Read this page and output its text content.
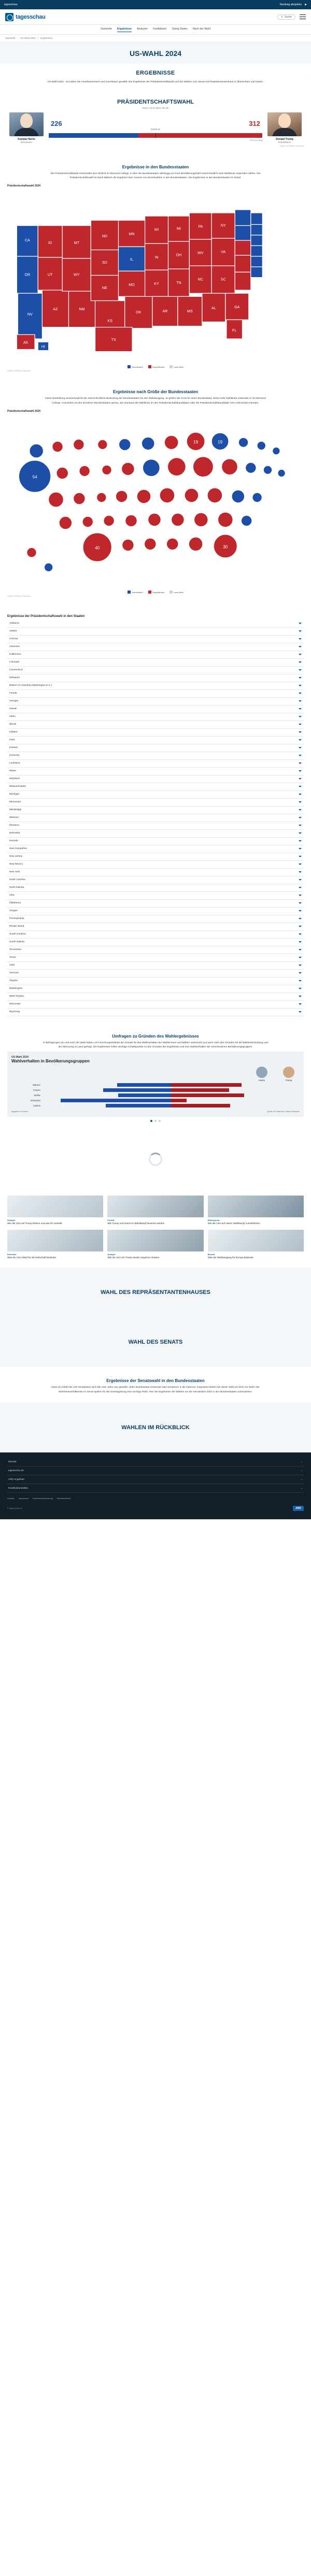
tagesschau	Sendung abspielen ▶
tagesschau	⚲ Suche
Startseite Ergebnisse Analysen Kandidaten Swing States Nach der Wahl
Startseite › US-Wahl 2024 › Ergebnisse
US-WAHL 2024
ERGEBNISSE

US-Wahl 2024 - So haben die Amerikanerinnen und Amerikaner gewählt: Die Ergebnisse der Präsidentschaftswahl und der Wahlen zum Senat und Repräsentantenhaus in Übersichten und Karten.

PRÄSIDENTSCHAFTSWAHL
Stand: 20.12.2024, 09 Uhr
Kamala Harris
Demokraten
226	312
Wahlleute
270 zum Sieg	Donald Trump
Republikaner
Quelle: AP/Edison Research
Ergebnisse in den Bundesstaaten

Die Präsidentschaftswahl entscheidet sich letztlich im Electoral College, in dem die Bundesstaaten abhängig von ihrer Bevölkerungszahl unterschiedlich viele Wahlleute entsenden dürfen. Die Präsidentschaftswahl ist damit faktisch die Ergebnis einer Summe von Einzelwahlen in den Bundesstaaten. Die Ergebnisse in den Bundesstaaten im Detail:

Präsidentschaftswahl 2024
CA
OR
NV
ID
UT
AZ
MT
WY
NM
ND
SD
NE
KS
MN
IL
MO
OK
TX
WI
IN
KY
AR
MI
OH
TN
MS
PA
WV
NC
AL
NY
VA
SC
GA
FL
AK
HI
Demokraten	Republikaner	noch offen
Quelle: AP/Edison Research
Ergebnisse nach Größe der Bundesstaaten

Diese Darstellung veranschaulicht die unterschiedliche Bedeutung der Bundesstaaten für den Wahlausgang. Je größer der Kreis für einen Bundesstaat, desto mehr Wahlleute entsendet er ins Electoral College. Anzusehen ist den einzelnen Bundesstaaten genau, wie dominant die Wahlleute an den Präsidentschaftskandidaten oder die Präsidentschaftskandidatin sich entscheiden könnten.

Präsidentschaftswahl 2024
54
40	30
19	19
Demokraten	Republikaner	noch offen
Quelle: AP/Edison Research
Ergebnisse der Präsidentschaftswahl in den Staaten
Alabama
Alaska
Arizona
Arkansas
Kalifornien
Colorado
Connecticut
Delaware
District of Columbia (Washington D.C.)
Florida
Georgia
Hawaii
Idaho
Illinois
Indiana
Iowa
Kansas
Kentucky
Louisiana
Maine
Maryland
Massachusetts
Michigan
Minnesota
Mississippi
Missouri
Montana
Nebraska
Nevada
New Hampshire
New Jersey
New Mexico
New York
North Carolina
North Dakota
Ohio
Oklahoma
Oregon
Pennsylvania
Rhode Island
South Carolina
South Dakota
Tennessee
Texas
Utah
Vermont
Virginia
Washington
West Virginia
Wisconsin
Wyoming
Umfragen zu Gründen des Wahlergebnisses

In Befragungen am und nach der Wahl haben US-Forschungsinstitute die Gründe für das Wahlverhalten der Wählerinnen und Wähler untersucht und auch nach den Gründen für die Wahlentscheidung und der Stimmung im Land gefragt. Die Ergebnisse helfen wichtige Anhaltspunkte zu den Gründen der Ergebnisse und zum Wahlverhalten der verschiedenen Bevölkerungsgruppen.

US-Wahl 2024
Wahlverhalten in Bevölkerungsgruppen
Harris	Trump
Männer
Frauen
53
Weiße
Schwarze
86
Latinos
51	46
Angaben in Prozent	Quelle: AP VoteCast / Edison Research
Analyse
Wie die USA auf Trump blicken und was ihn antreibt
Interview
Was die USA-Wahl für die Wirtschaft bedeutet
Porträt
Wie Trump und Harris im Wahlkampf bewertet werden
Analyse
Wie die USA mit Trump wieder umgehen müssen
Hintergrund
Wie die USA auf Harris' Wahlkampf zurückblicken
Bericht
Was der Wahlausgang für Europa bedeutet
WAHL DES REPRÄSENTANTENHAUSES
WAHL DES SENATS
Ergebnisse der Senatswahl in den Bundesstaaten

Etwa ein Drittel der 100 Senatssitze wird alle zwei Jahre neu gewählt. Jeder Bundesstaat entsendet zwei Senatoren in die Kammer. Insgesamt stehen bei dieser Wahl 34 Sitze zur Wahl. Die Mehrheitsverhältnisse im Senat spielen für die Gesetzgebung eine wichtige Rolle. Hier die Ergebnisse der Wahlen um die Senatssitze 2024 in den Bundesstaaten auszuwerten:

WAHLEN IM RÜCKBLICK
Dienste	⌄
tagesschau.de	⌄
ARD-Angebote	⌄
Rundfunkanstalten	⌄
Kontakt Impressum Datenschutzerklärung Barrierefreiheit
© tagesschau.de	ARD
